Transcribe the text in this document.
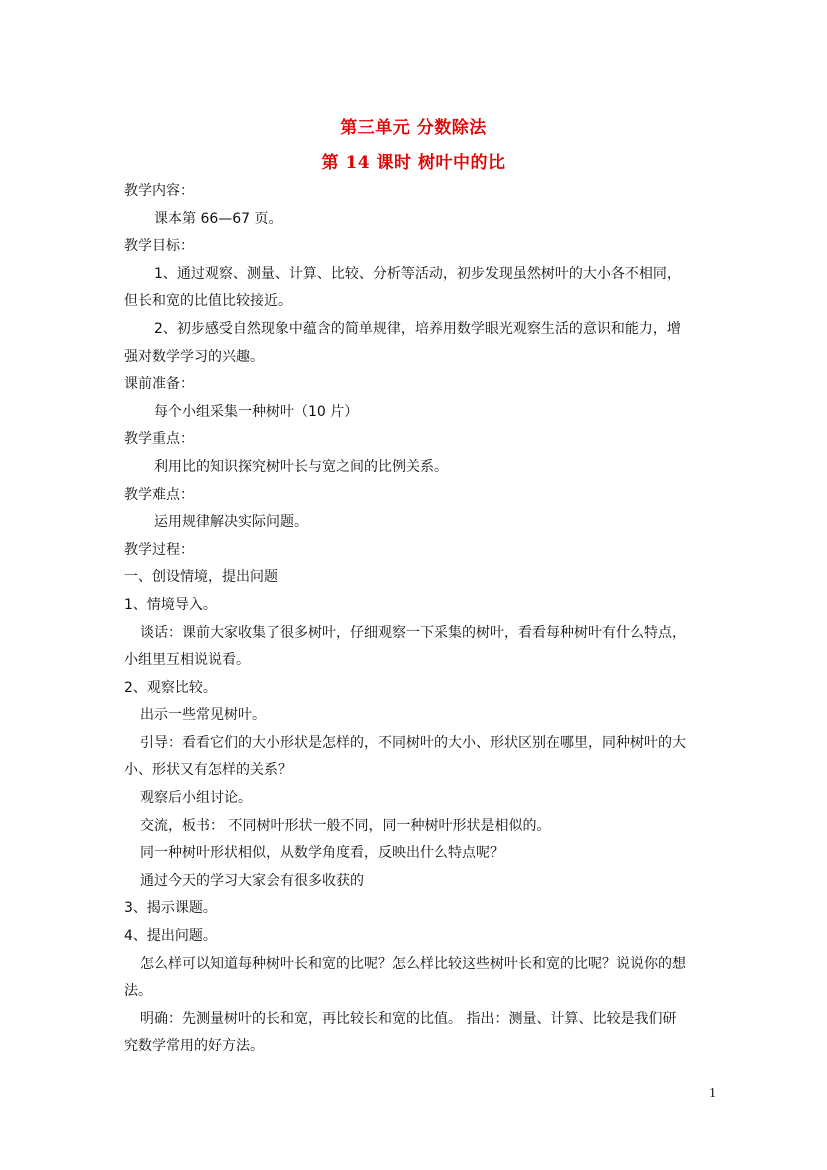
第三单元 分数除法
第 14 课时 树叶中的比
教学内容：
课本第 66—67 页。
教学目标：
1、通过观察、测量、计算、比较、分析等活动，初步发现虽然树叶的大小各不相同，
但长和宽的比值比较接近。
2、初步感受自然现象中蕴含的简单规律，培养用数学眼光观察生活的意识和能力，增
强对数学学习的兴趣。
课前准备：
每个小组采集一种树叶（10 片）
教学重点：
利用比的知识探究树叶长与宽之间的比例关系。
教学难点：
运用规律解决实际问题。
教学过程：
一、创设情境，提出问题
1、情境导入。
谈话：课前大家收集了很多树叶，仔细观察一下采集的树叶，看看每种树叶有什么特点，
小组里互相说说看。
2、观察比较。
出示一些常见树叶。
引导：看看它们的大小形状是怎样的，不同树叶的大小、形状区别在哪里，同种树叶的大
小、形状又有怎样的关系？
观察后小组讨论。
交流，板书： 不同树叶形状一般不同，同一种树叶形状是相似的。
同一种树叶形状相似，从数学角度看，反映出什么特点呢？
通过今天的学习大家会有很多收获的
3、揭示课题。
4、提出问题。
怎么样可以知道每种树叶长和宽的比呢？怎么样比较这些树叶长和宽的比呢？说说你的想
法。
明确：先测量树叶的长和宽，再比较长和宽的比值。 指出：测量、计算、比较是我们研
究数学常用的好方法。
1
